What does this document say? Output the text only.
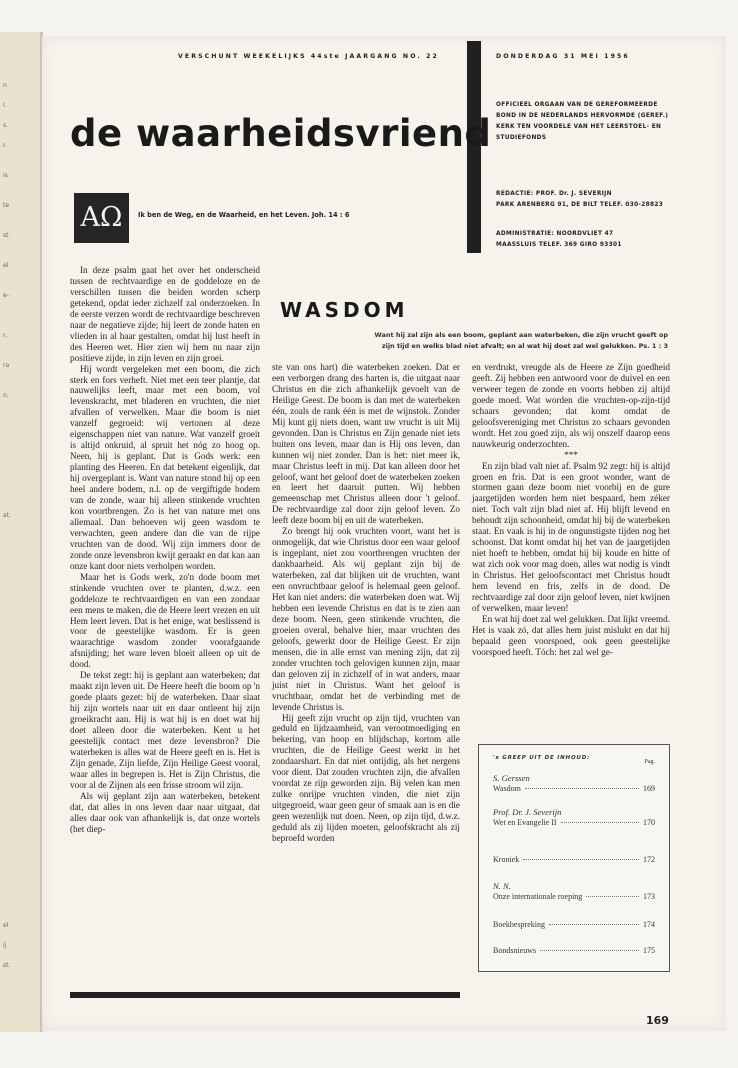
n
l.
s.
r.
is
te
st
el
e-
r,
ra
n.
at.
el
ij
st.
VERSCHUNT WEEKELIJKS 44ste JAARGANG NO. 22	DONDERDAG 31 MEI 1956
de waarheidsvriend
ΑΩ	Ik ben de Weg, en de Waarheid, en het Leven. Joh. 14 : 6
OFFICIEEL ORGAAN VAN DE GEREFORMEERDE
BOND IN DE NEDERLANDS HERVORMDE (GEREF.)
KERK TEN VOORDELE VAN HET LEERSTOEL- EN
STUDIEFONDS
REDACTIE: PROF. Dr. J. SEVERIJN
PARK ARENBERG 91, DE BILT TELEF. 030-28823
ADMINISTRATIE: NOORDVLIET 47
MAASSLUIS TELEF. 369 GIRO 93301
WASDOM
Want hij zal zijn als een boom, geplant aan waterbeken, die zijn vrucht geeft op
zijn tijd en welks blad niet afvalt; en al wat hij doet zal wel gelukken. Ps. 1 : 3

In deze psalm gaat het over het onderscheid tussen de rechtvaardige en de goddeloze en de verschillen tussen die beiden worden scherp getekend, opdat ieder zichzelf zal onderzoeken. In de eerste verzen wordt de rechtvaardige beschreven naar de negatieve zijde; hij leert de zonde haten en vlieden in al haar gestalten, omdat hij lust heeft in des Heeren wet. Hier zien wij hem nu naar zijn positieve zijde, in zijn leven en zijn groei.

Hij wordt vergeleken met een boom, die zich sterk en fors verheft. Niet met een teer plantje, dat nauwelijks leeft, maar met een boom, vol levenskracht, met bladeren en vruchten, die niet afvallen of verwelken. Maar die boom is niet vanzelf gegroeid: wij vertonen al deze eigenschappen niet van nature. Wat vanzelf groeit is altijd onkruid, al spruit het nóg zo hoog op. Neen, hij is geplant. Dat is Gods werk: een planting des Heeren. En dat betekent eigenlijk, dat hij overgeplant is. Want van nature stond hij op een heel andere bodem, n.l. op de vergiftigde bodem van de zonde, waar hij alleen stinkende vruchten kon voortbrengen. Zo is het van nature met ons allemaal. Dan behoeven wij geen wasdom te verwachten, geen andere dan die van de rijpe vruchten van de dood. Wij zijn immers door de zonde onze levensbron kwijt geraakt en dat kan aan onze kant door niets verholpen worden.

Maar het is Gods werk, zo'n dode boom met stinkende vruchten over te planten, d.w.z. een goddeloze te rechtvaardigen en van een zondaar een mens te maken, die de Heere leert vrezen en uit Hem leert leven. Dat is het enige, wat beslissend is voor de geestelijke wasdom. Er is geen waarachtige wasdom zonder voorafgaande afsnijding; het ware leven bloeit alleen op uit de dood.

De tekst zegt: hij is geplant aan waterbeken; dat maakt zijn leven uit. De Heere heeft die boom op 'n goede plaats gezet: bij de waterbeken. Daar slaat hij zijn wortels naar uit en daar ontleent hij zijn groeikracht aan. Hij is wat hij is en doet wat hij doet alleen door die waterbeken. Kent u het geestelijk contact met deze levensbron? Die waterbeken is alles wat de Heere geeft en is. Het is Zijn genade, Zijn liefde, Zijn Heilige Geest vooral, waar alles in begrepen is. Het is Zijn Christus, die voor al de Zijnen als een frisse stroom wil zijn.

Als wij geplant zijn aan waterbeken, betekent dat, dat alles in ons leven daar naar uitgaat, dat alles daar ook van afhankelijk is, dat onze wortels (het diep-

ste van ons hart) die waterbeken zoeken. Dat er een verborgen drang des harten is, die uitgaat naar Christus en die zich afhankelijk gevoelt van de Heilige Geest. De boom is dan met de waterbeken één, zoals de rank één is met de wijnstok. Zonder Mij kunt gij niets doen, want uw vrucht is uit Mij gevonden. Dan is Christus en Zijn genade niet iets buiten ons leven, maar dan is Hij ons leven, dan kunnen wij niet zonder. Dan is het: niet meer ik, maar Christus leeft in mij. Dat kan alleen door het geloof, want het geloof doet de waterbeken zoeken en leert het daaruit putten. Wij hebben gemeenschap met Christus alleen door 't geloof. De rechtvaardige zal door zijn geloof leven. Zo leeft deze boom bij en uit de waterbeken.

Zo brengt hij ook vruchten voort, want het is onmogelijk, dat wie Christus door een waar geloof is ingeplant, niet zou voortbrengen vruchten der dankbaarheid. Als wij geplant zijn bij de waterbeken, zal dat blijken uit de vruchten, want een onvruchtbaar geloof is helemaal geen geloof. Het kan niet anders: die waterbeken doen wat. Wij hebben een levende Christus en dat is te zien aan deze boom. Neen, geen stinkende vruchten, die groeien overal, behalve hier, maar vruchten des geloofs, gewerkt door de Heilige Geest. Er zijn mensen, die in alle ernst van mening zijn, dat zij zonder vruchten toch gelovigen kunnen zijn, maar dan geloven zij in zichzelf of in wat anders, maar juist niet in Christus. Want het geloof is vruchtbaar, omdat het de verbinding met de levende Christus is.

Hij geeft zijn vrucht op zijn tijd, vruchten van geduld en lijdzaamheid, van verootmoediging en bekering, van hoop en blijdschap, kortom alle vruchten, die de Heilige Geest werkt in het zondaarshart. En dat niet ontijdig, als het nergens voor dient. Dat zouden vruchten zijn, die afvallen voordat ze rijp geworden zijn. Bij velen kan men zulke onrijpe vruchten vinden, die niet zijn uitgegroeid, waar geen geur of smaak aan is en die geen wezenlijk nut doen. Neen, op zijn tijd, d.w.z. geduld als zij lijden moeten, geloofskracht als zij beproefd worden

en verdrukt, vreugde als de Heere ze Zijn goedheid geeft. Zij hebben een antwoord voor de duivel en een verweer tegen de zonde en voorts hebben zij altijd goede moed. Wat worden die vruchten-op-zijn-tijd schaars gevonden; dat komt omdat de geloofsvereniging met Christus zo schaars gevonden wordt. Het zou goed zijn, als wij onszelf daarop eens nauwkeurig onderzochten.

***

En zijn blad valt niet af. Psalm 92 zegt: hij is altijd groen en fris. Dat is een groot wonder, want de stormen gaan deze boom niet voorbij en de gure jaargetijden worden hem niet bespaard, hem zéker niet. Toch valt zijn blad niet af. Hij blijft levend en behoudt zijn schoonheid, omdat hij bij de waterbeken staat. En vaak is hij in de ongunstigste tijden nog het schoonst. Dat komt omdat hij het van de jaargetijden niet hoeft te hebben, omdat hij bij koude en hitte of wat zich ook voor mag doen, alles wat nodig is vindt in Christus. Het geloofscontact met Christus houdt hem levend en fris, zelfs in de dood. De rechtvaardige zal door zijn geloof leven, niet kwijnen of verwelken, maar leven!

En wat hij doet zal wel gelukken. Dat lijkt vreemd. Het is vaak zó, dat alles hem juist mislukt en dat hij bepaald geen voorspoed, ook geen geestelijke voorspoed heeft. Tóch: het zal wel ge-

's GREEP UIT DE INHOUD:
Pag.
S. Gerssen
Wasdom	169
Prof. Dr. J. Severijn
Wet en Evangelie II	170
Kroniek	172
N. N.
Onze internationale roeping	173
Boekbespreking	174
Bondsnieuws	175
169
